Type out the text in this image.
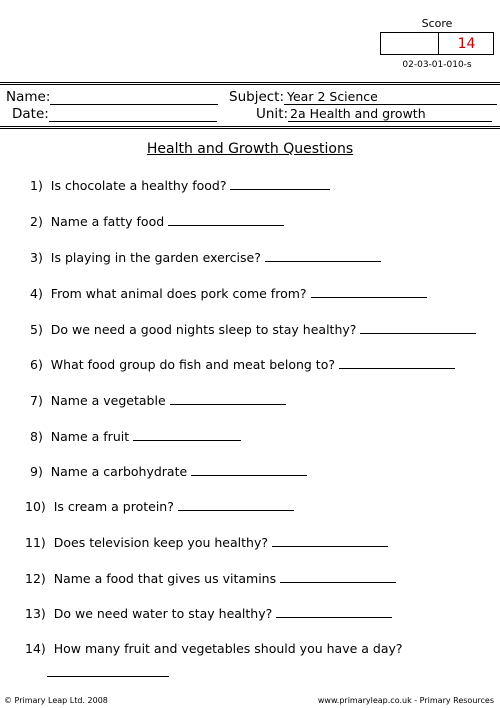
Score
14
02-03-01-010-s
Name:
Date:
Subject: Year 2 Science
Unit: 2a Health and growth
Health and Growth Questions
1) Is chocolate a healthy food?
2) Name a fatty food
3) Is playing in the garden exercise?
4) From what animal does pork come from?
5) Do we need a good nights sleep to stay healthy?
6) What food group do fish and meat belong to?
7) Name a vegetable
8) Name a fruit
9) Name a carbohydrate
10) Is cream a protein?
11) Does television keep you healthy?
12) Name a food that gives us vitamins
13) Do we need water to stay healthy?
14) How many fruit and vegetables should you have a day?
© Primary Leap Ltd. 2008	www.primaryleap.co.uk - Primary Resources
